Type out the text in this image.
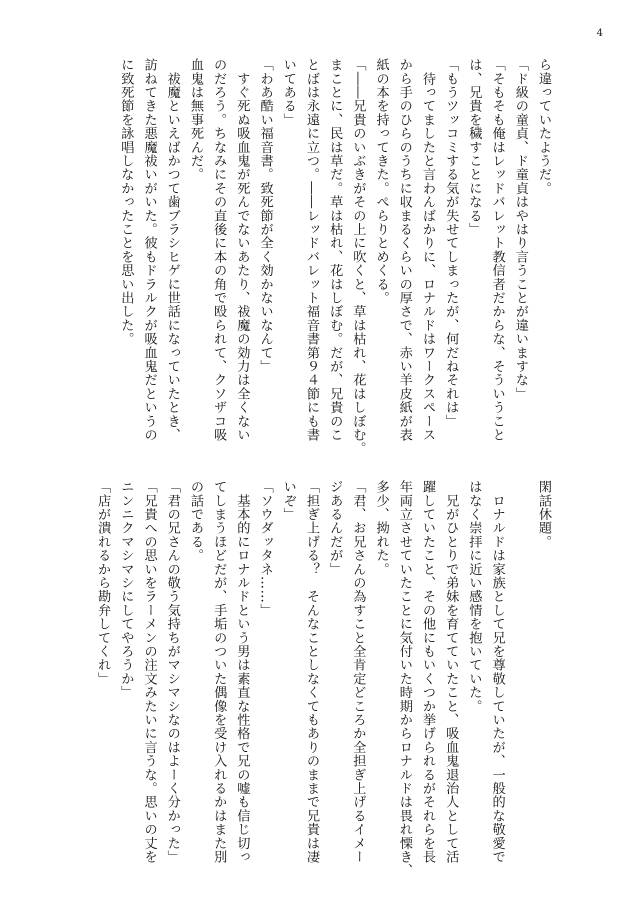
4
ら違っていたようだ。
「ド級の童貞、ド童貞はやはり言うことが違いますな」
「そもそも俺はレッドバレット教信者だからな、そういうこと
は、兄貴を穢すことになる」
「もうツッコミする気が失せてしまったが、何だねそれは」
　待ってましたと言わんばかりに、ロナルドはワークスペース
から手のひらのうちに収まるくらいの厚さで、赤い羊皮紙が表
紙の本を持ってきた。ぺらりとめくる。
「――兄貴のいぶきがその上に吹くと、草は枯れ、花はしぼむ。
まことに、民は草だ。草は枯れ、花はしぼむ。だが、兄貴のこ
とばは永遠に立つ。――レッドバレット福音書第９４節にも書
いてある」
「わあ酷い福音書。致死節が全く効かないなんて」
　すぐ死ぬ吸血鬼が死んでないあたり、祓魔の効力は全くない
のだろう。ちなみにその直後に本の角で殴られて、クソザコ吸
血鬼は無事死んだ。
　祓魔といえばかつて歯ブラシヒゲに世話になっていたとき、
訪ねてきた悪魔祓いがいた。彼もドラルクが吸血鬼だというの
に致死節を詠唱しなかったことを思い出した。
閑話休題。
　ロナルドは家族として兄を尊敬していたが、一般的な敬愛で
はなく崇拝に近い感情を抱いていた。
　兄がひとりで弟妹を育てていたこと、吸血鬼退治人として活
躍していたこと、その他にもいくつか挙げられるがそれらを長
年両立させていたことに気付いた時期からロナルドは畏れ慄き、
多少、拗れた。
「君、お兄さんの為すこと全肯定どころか全担ぎ上げるイメー
ジあるんだが」
「担ぎ上げる？　そんなことしなくてもありのままで兄貴は凄
いぞ」
「ソウダッタネ……」
　基本的にロナルドという男は素直な性格で兄の嘘も信じ切っ
てしまうほどだが、手垢のついた偶像を受け入れるかはまた別
の話である。
「君の兄さんの敬う気持ちがマシマシなのはよーく分かった」
「兄貴への思いをラーメンの注文みたいに言うな。思いの丈を
ニンニクマシマシにしてやろうか」
「店が潰れるから勘弁してくれ」
